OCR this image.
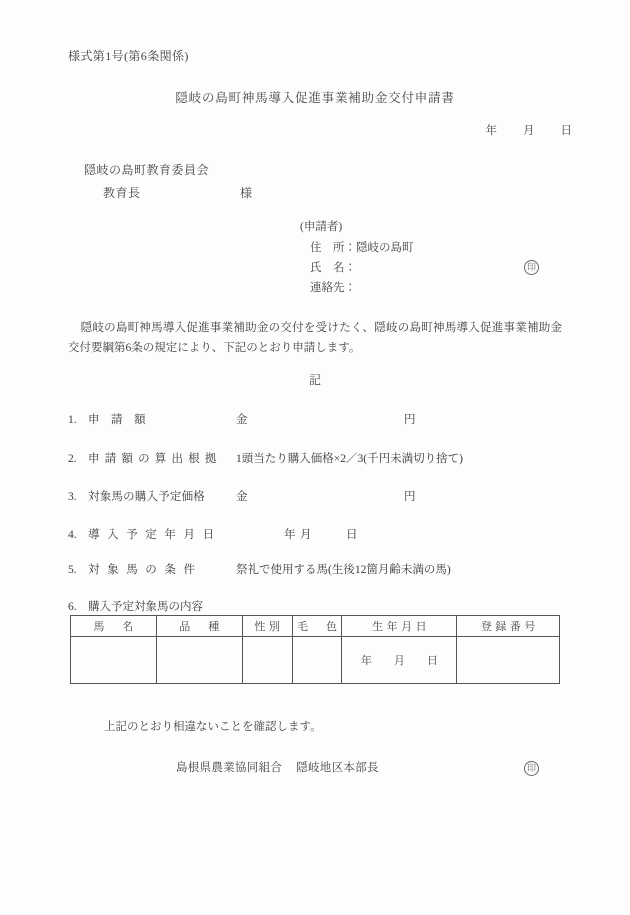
様式第1号(第6条関係)
隠岐の島町神馬導入促進事業補助金交付申請書
年 月 日
隠岐の島町教育委員会
教育長	様
(申請者)
住　所：隠岐の島町
氏　名：
連絡先：
印
隠岐の島町神馬導入促進事業補助金の交付を受けたく、隠岐の島町神馬導入促進事業補助金交付要綱第6条の規定により、下記のとおり申請します。
記
1. 申請額	金	円
2. 申請額の算出根拠 1頭当たり購入価格×2／3(千円未満切り捨て)
3. 対象馬の購入予定価格	金	円
4. 導入予定年月日	年 月	日
5. 対象馬の条件	祭礼で使用する馬(生後12箇月齢未満の馬)
6. 購入予定対象馬の内容
馬　名	品　種	性別	毛　色	生年月日	登録番号
				年 月 日	
上記のとおり相違ないことを確認します。
島根県農業協同組合 隠岐地区本部長	印
